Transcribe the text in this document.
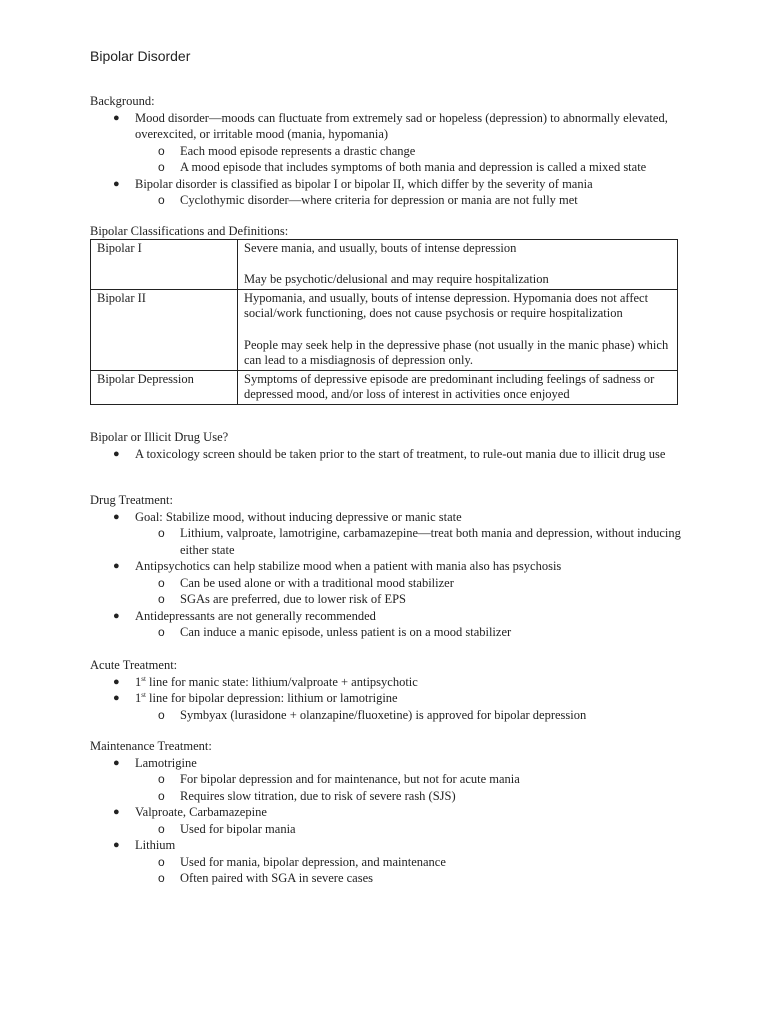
Bipolar Disorder
Background:
● Mood disorder—moods can fluctuate from extremely sad or hopeless (depression) to abnormally elevated, overexcited, or irritable mood (mania, hypomania)
o Each mood episode represents a drastic change
o A mood episode that includes symptoms of both mania and depression is called a mixed state
● Bipolar disorder is classified as bipolar I or bipolar II, which differ by the severity of mania
o Cyclothymic disorder—where criteria for depression or mania are not fully met
Bipolar Classifications and Definitions:
Bipolar I	Severe mania, and usually, bouts of intense depression
May be psychotic/delusional and may require hospitalization

Bipolar II	Hypomania, and usually, bouts of intense depression. Hypomania does not affect social/work functioning, does not cause psychosis or require hospitalization
People may seek help in the depressive phase (not usually in the manic phase) which can lead to a misdiagnosis of depression only.

Bipolar Depression	Symptoms of depressive episode are predominant including feelings of sadness or depressed mood, and/or loss of interest in activities once enjoyed
Bipolar or Illicit Drug Use?
● A toxicology screen should be taken prior to the start of treatment, to rule-out mania due to illicit drug use
Drug Treatment:
● Goal: Stabilize mood, without inducing depressive or manic state
o Lithium, valproate, lamotrigine, carbamazepine—treat both mania and depression, without inducing either state
● Antipsychotics can help stabilize mood when a patient with mania also has psychosis
o Can be used alone or with a traditional mood stabilizer
o SGAs are preferred, due to lower risk of EPS
● Antidepressants are not generally recommended
o Can induce a manic episode, unless patient is on a mood stabilizer
Acute Treatment:
● 1st line for manic state: lithium/valproate + antipsychotic
● 1st line for bipolar depression: lithium or lamotrigine
o Symbyax (lurasidone + olanzapine/fluoxetine) is approved for bipolar depression
Maintenance Treatment:
● Lamotrigine
o For bipolar depression and for maintenance, but not for acute mania
o Requires slow titration, due to risk of severe rash (SJS)
● Valproate, Carbamazepine
o Used for bipolar mania
● Lithium
o Used for mania, bipolar depression, and maintenance
o Often paired with SGA in severe cases
